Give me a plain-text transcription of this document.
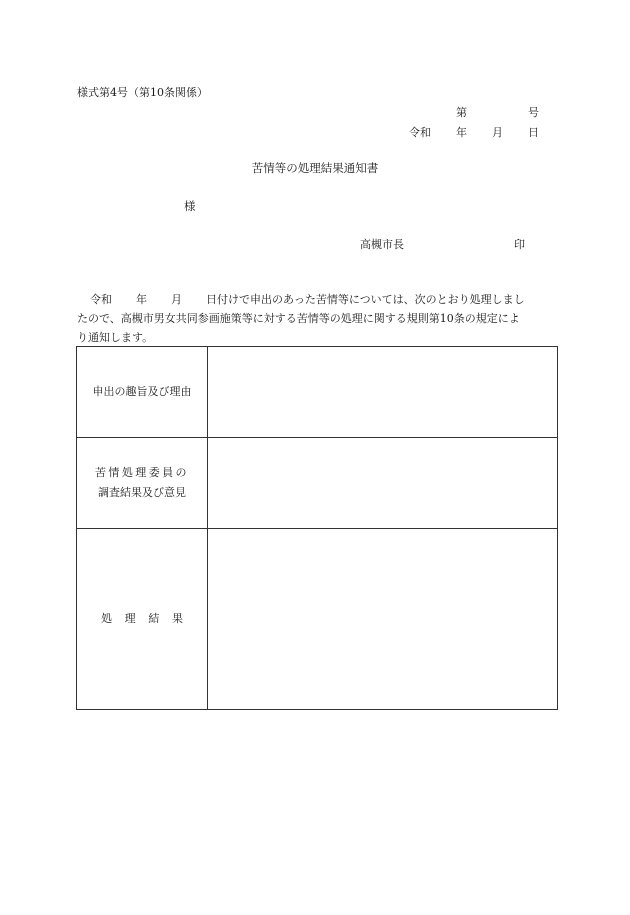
様式第4号（第10条関係）
第	号
令和 年 月 日
苦情等の処理結果通知書
様
高槻市長	印
令和 年 月 日付けで申出のあった苦情等については、次のとおり処理しまし
たので、高槻市男女共同参画施策等に対する苦情等の処理に関する規則第10条の規定によ
り通知します。
申出の趣旨及び理由	
苦情処理委員の
調査結果及び意見	
処理結果	
